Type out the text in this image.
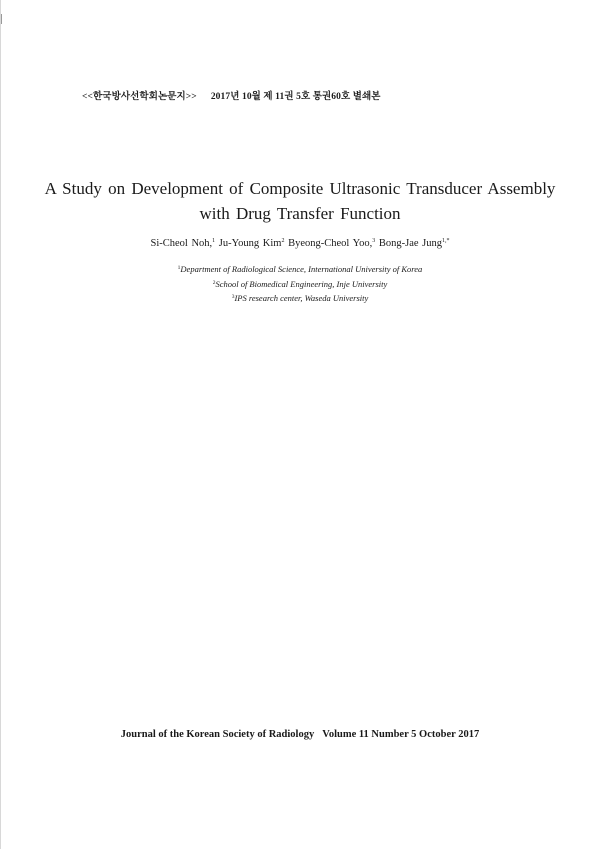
<<한국방사선학회논문지>> 2017년 10월 제 11권 5호 통권60호 별쇄본
A Study on Development of Composite Ultrasonic Transducer Assembly
with Drug Transfer Function
Si-Cheol Noh,$^1$ Ju-Young Kim$^2$ Byeong-Cheol Yoo,$^3$ Bong-Jae Jung$^{1,*}$
$^1$Department of Radiological Science, International University of Korea
$^2$School of Biomedical Engineering, Inje University
$^3$IPS research center, Waseda University
Journal of the Korean Society of Radiology Volume 11 Number 5 October 2017
